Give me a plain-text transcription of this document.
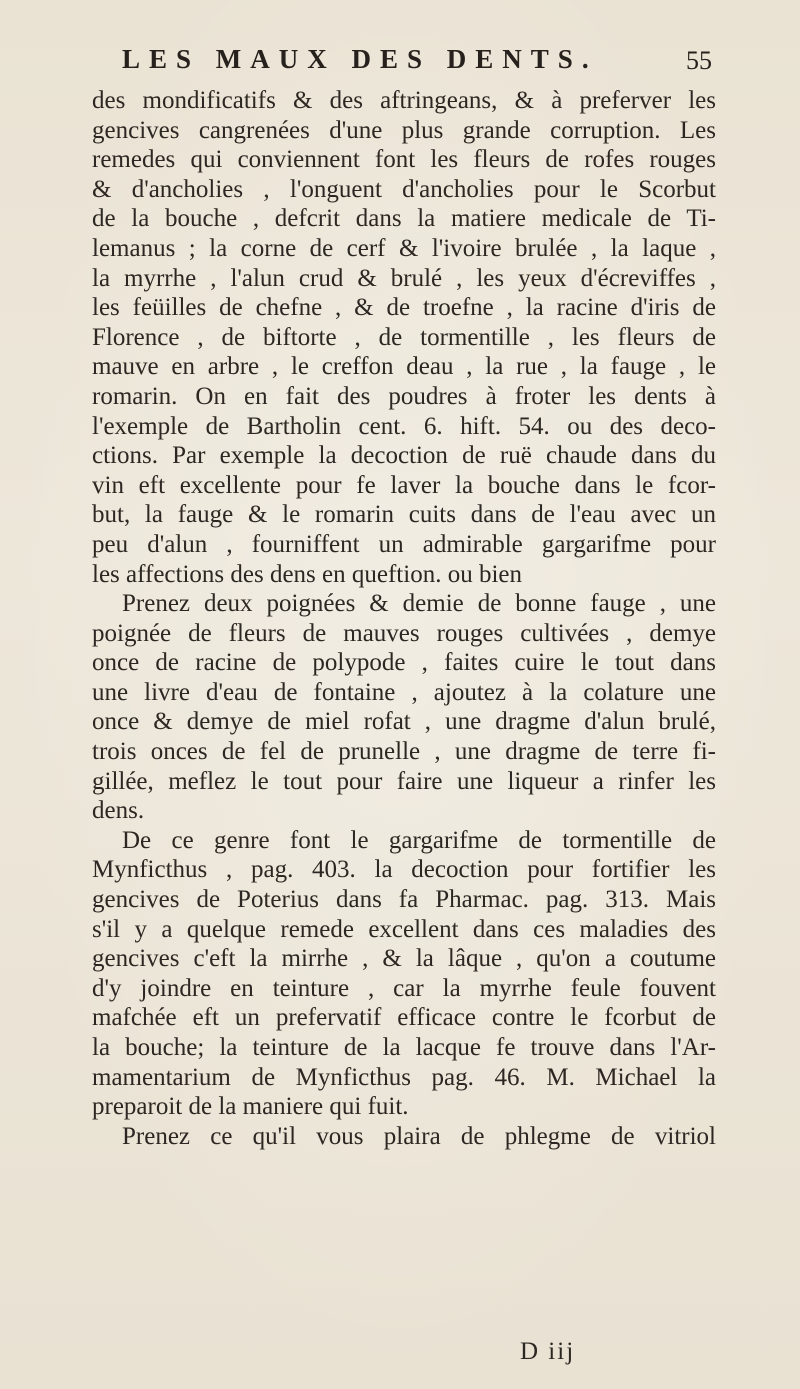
LES MAUX DES DENTS.	55
des mondificatifs & des aftringeans, & à preferver les
gencives cangrenées d'une plus grande corruption. Les
remedes qui conviennent font les fleurs de rofes rouges
& d'ancholies , l'onguent d'ancholies pour le Scorbut
de la bouche , defcrit dans la matiere medicale de Ti-
lemanus ; la corne de cerf & l'ivoire brulée , la laque ,
la myrrhe , l'alun crud & brulé , les yeux d'écreviffes ,
les feüilles de chefne , & de troefne , la racine d'iris de
Florence , de biftorte , de tormentille , les fleurs de
mauve en arbre , le creffon deau , la rue , la fauge , le
romarin. On en fait des poudres à froter les dents à
l'exemple de Bartholin cent. 6. hift. 54. ou des deco-
ctions. Par exemple la decoction de ruë chaude dans du
vin eft excellente pour fe laver la bouche dans le fcor-
but, la fauge & le romarin cuits dans de l'eau avec un
peu d'alun , fourniffent un admirable gargarifme pour
les affections des dens en queftion. ou bien
Prenez deux poignées & demie de bonne fauge , une
poignée de fleurs de mauves rouges cultivées , demye
once de racine de polypode , faites cuire le tout dans
une livre d'eau de fontaine , ajoutez à la colature une
once & demye de miel rofat , une dragme d'alun brulé,
trois onces de fel de prunelle , une dragme de terre fi-
gillée, meflez le tout pour faire une liqueur a rinfer les
dens.
De ce genre font le gargarifme de tormentille de
Mynficthus , pag. 403. la decoction pour fortifier les
gencives de Poterius dans fa Pharmac. pag. 313. Mais
s'il y a quelque remede excellent dans ces maladies des
gencives c'eft la mirrhe , & la lâque , qu'on a coutume
d'y joindre en teinture , car la myrrhe feule fouvent
mafchée eft un prefervatif efficace contre le fcorbut de
la bouche; la teinture de la lacque fe trouve dans l'Ar-
mamentarium de Mynficthus pag. 46. M. Michael la
preparoit de la maniere qui fuit.
Prenez ce qu'il vous plaira de phlegme de vitriol
D iij
